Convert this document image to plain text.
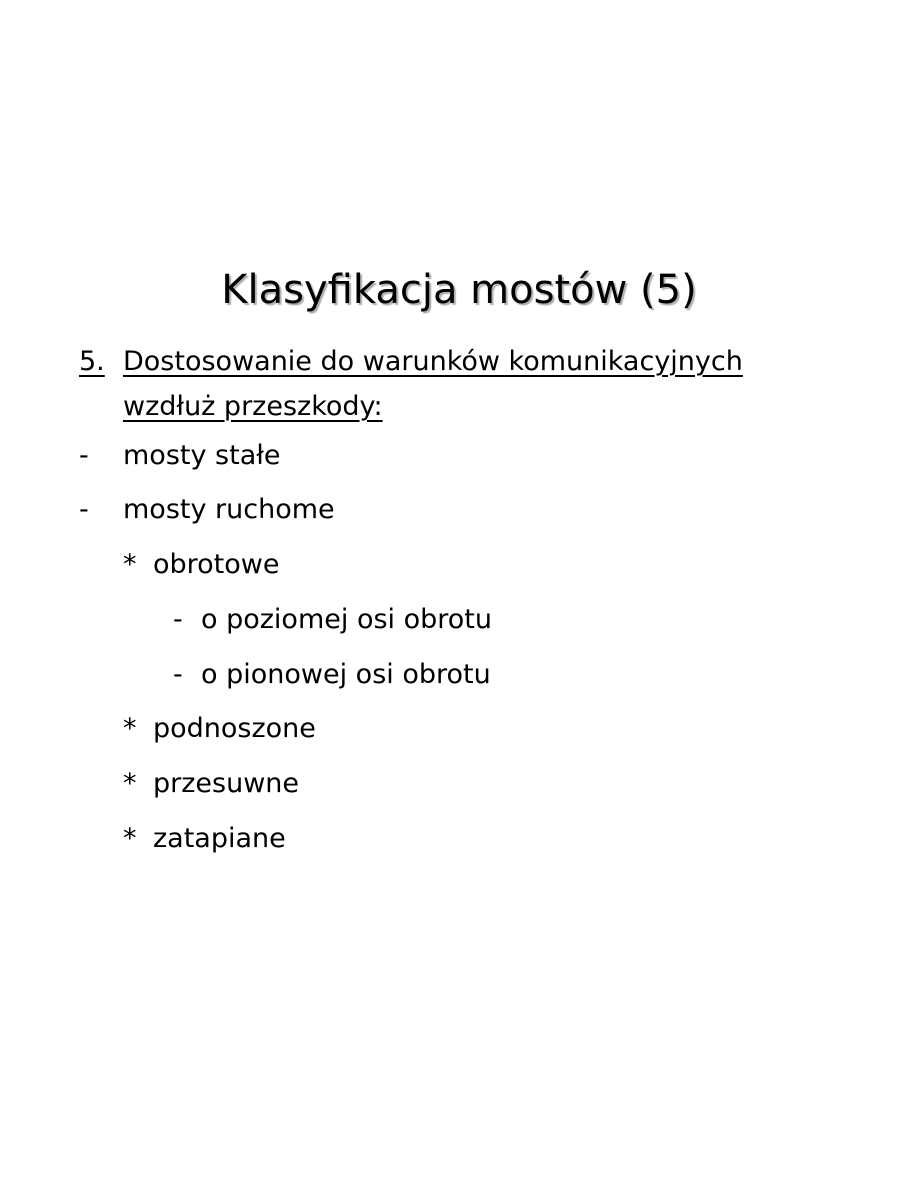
Klasyfikacja mostów (5)
5. Dostosowanie do warunków komunikacyjnych
wzdłuż przeszkody:
- mosty stałe
- mosty ruchome
* obrotowe
- o poziomej osi obrotu
- o pionowej osi obrotu
* podnoszone
* przesuwne
* zatapiane
